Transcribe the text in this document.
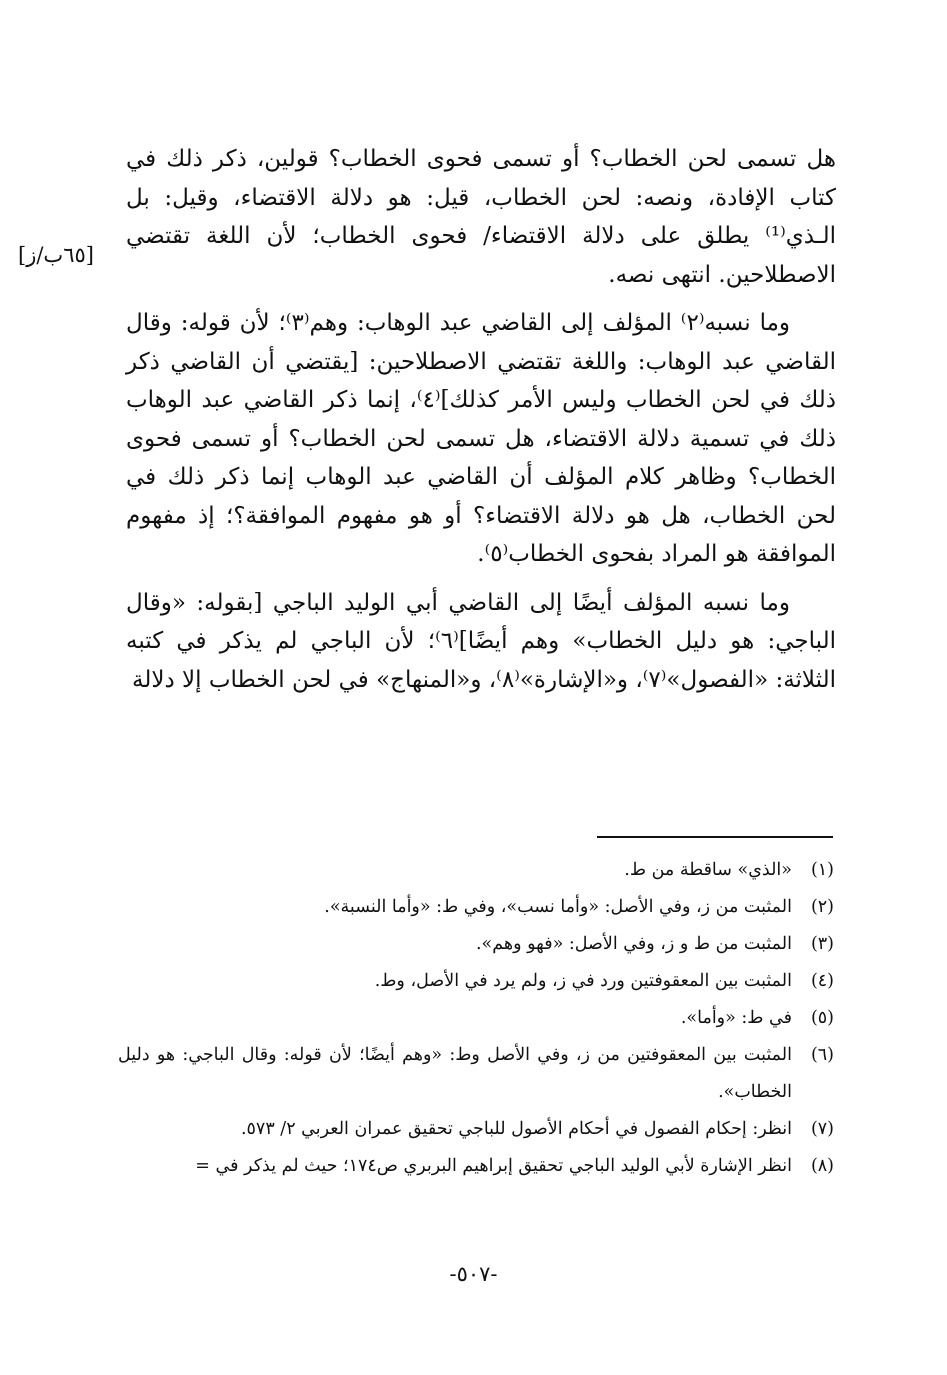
[٦٥ب/ز]

هل تسمى لحن الخطاب؟ أو تسمى فحوى الخطاب؟ قولين، ذكر ذلك في كتاب الإفادة، ونصه: لحن الخطاب، قيل: هو دلالة الاقتضاء، وقيل: بل الـذي⁽¹⁾ يطلق على دلالة الاقتضاء/ فحوى الخطاب؛ لأن اللغة تقتضي الاصطلاحين. انتهى نصه.

وما نسبه⁽٢⁾ المؤلف إلى القاضي عبد الوهاب: وهم⁽٣⁾؛ لأن قوله: وقال القاضي عبد الوهاب: واللغة تقتضي الاصطلاحين: [يقتضي أن القاضي ذكر ذلك في لحن الخطاب وليس الأمر كذلك]⁽٤⁾، إنما ذكر القاضي عبد الوهاب ذلك في تسمية دلالة الاقتضاء، هل تسمى لحن الخطاب؟ أو تسمى فحوى الخطاب؟ وظاهر كلام المؤلف أن القاضي عبد الوهاب إنما ذكر ذلك في لحن الخطاب، هل هو دلالة الاقتضاء؟ أو هو مفهوم الموافقة؟؛ إذ مفهوم الموافقة هو المراد بفحوى الخطاب⁽٥⁾.

وما نسبه المؤلف أيضًا إلى القاضي أبي الوليد الباجي [بقوله: «وقال الباجي: هو دليل الخطاب» وهم أيضًا]⁽٦⁾؛ لأن الباجي لم يذكر في كتبه الثلاثة: «الفصول»⁽٧⁾، و«الإشارة»⁽٨⁾، و«المنهاج» في لحن الخطاب إلا دلالة

(١)
«الذي» ساقطة من ط.
(٢)
المثبت من ز، وفي الأصل: «وأما نسب»، وفي ط: «وأما النسبة».
(٣)
المثبت من ط و ز، وفي الأصل: «فهو وهم».
(٤)
المثبت بين المعقوفتين ورد في ز، ولم يرد في الأصل، وط.
(٥)
في ط: «وأما».
(٦)
المثبت بين المعقوفتين من ز، وفي الأصل وط: «وهم أيضًا؛ لأن قوله: وقال الباجي: هو دليل الخطاب».
(٧)
انظر: إحكام الفصول في أحكام الأصول للباجي تحقيق عمران العربي ٢/ ٥٧٣.
(٨)
انظر الإشارة لأبي الوليد الباجي تحقيق إبراهيم البربري ص١٧٤؛ حيث لم يذكر في =
-٥٠٧-
